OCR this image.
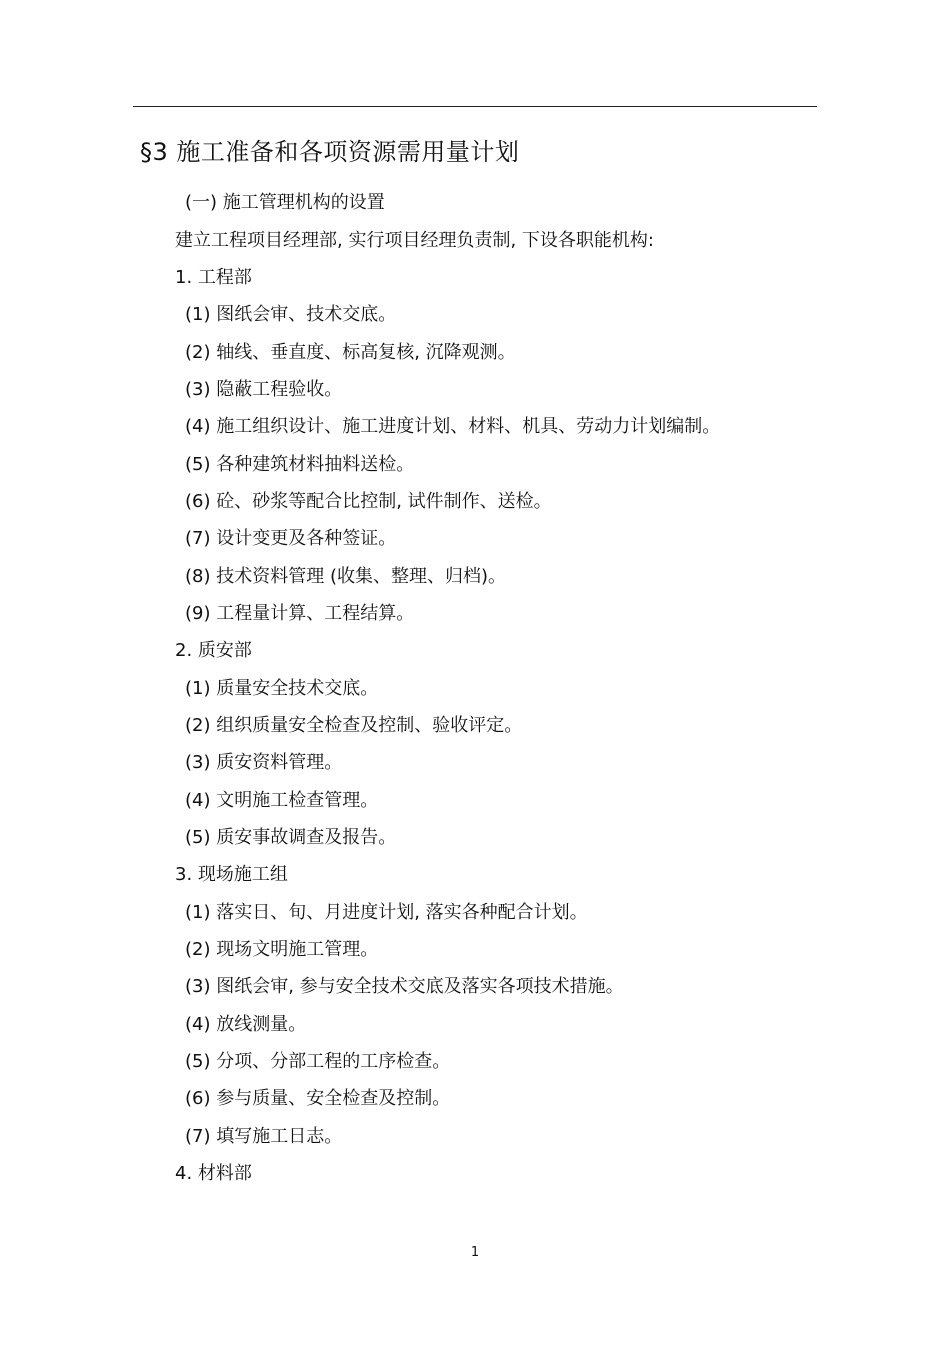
§3 施工准备和各项资源需用量计划
(一) 施工管理机构的设置
建立工程项目经理部, 实行项目经理负责制, 下设各职能机构:
1. 工程部
(1) 图纸会审、技术交底。
(2) 轴线、垂直度、标高复核, 沉降观测。
(3) 隐蔽工程验收。
(4) 施工组织设计、施工进度计划、材料、机具、劳动力计划编制。
(5) 各种建筑材料抽料送检。
(6) 砼、砂浆等配合比控制, 试件制作、送检。
(7) 设计变更及各种签证。
(8) 技术资料管理 (收集、整理、归档)。
(9) 工程量计算、工程结算。
2. 质安部
(1) 质量安全技术交底。
(2) 组织质量安全检查及控制、验收评定。
(3) 质安资料管理。
(4) 文明施工检查管理。
(5) 质安事故调查及报告。
3. 现场施工组
(1) 落实日、旬、月进度计划, 落实各种配合计划。
(2) 现场文明施工管理。
(3) 图纸会审, 参与安全技术交底及落实各项技术措施。
(4) 放线测量。
(5) 分项、分部工程的工序检查。
(6) 参与质量、安全检查及控制。
(7) 填写施工日志。
4. 材料部
1
